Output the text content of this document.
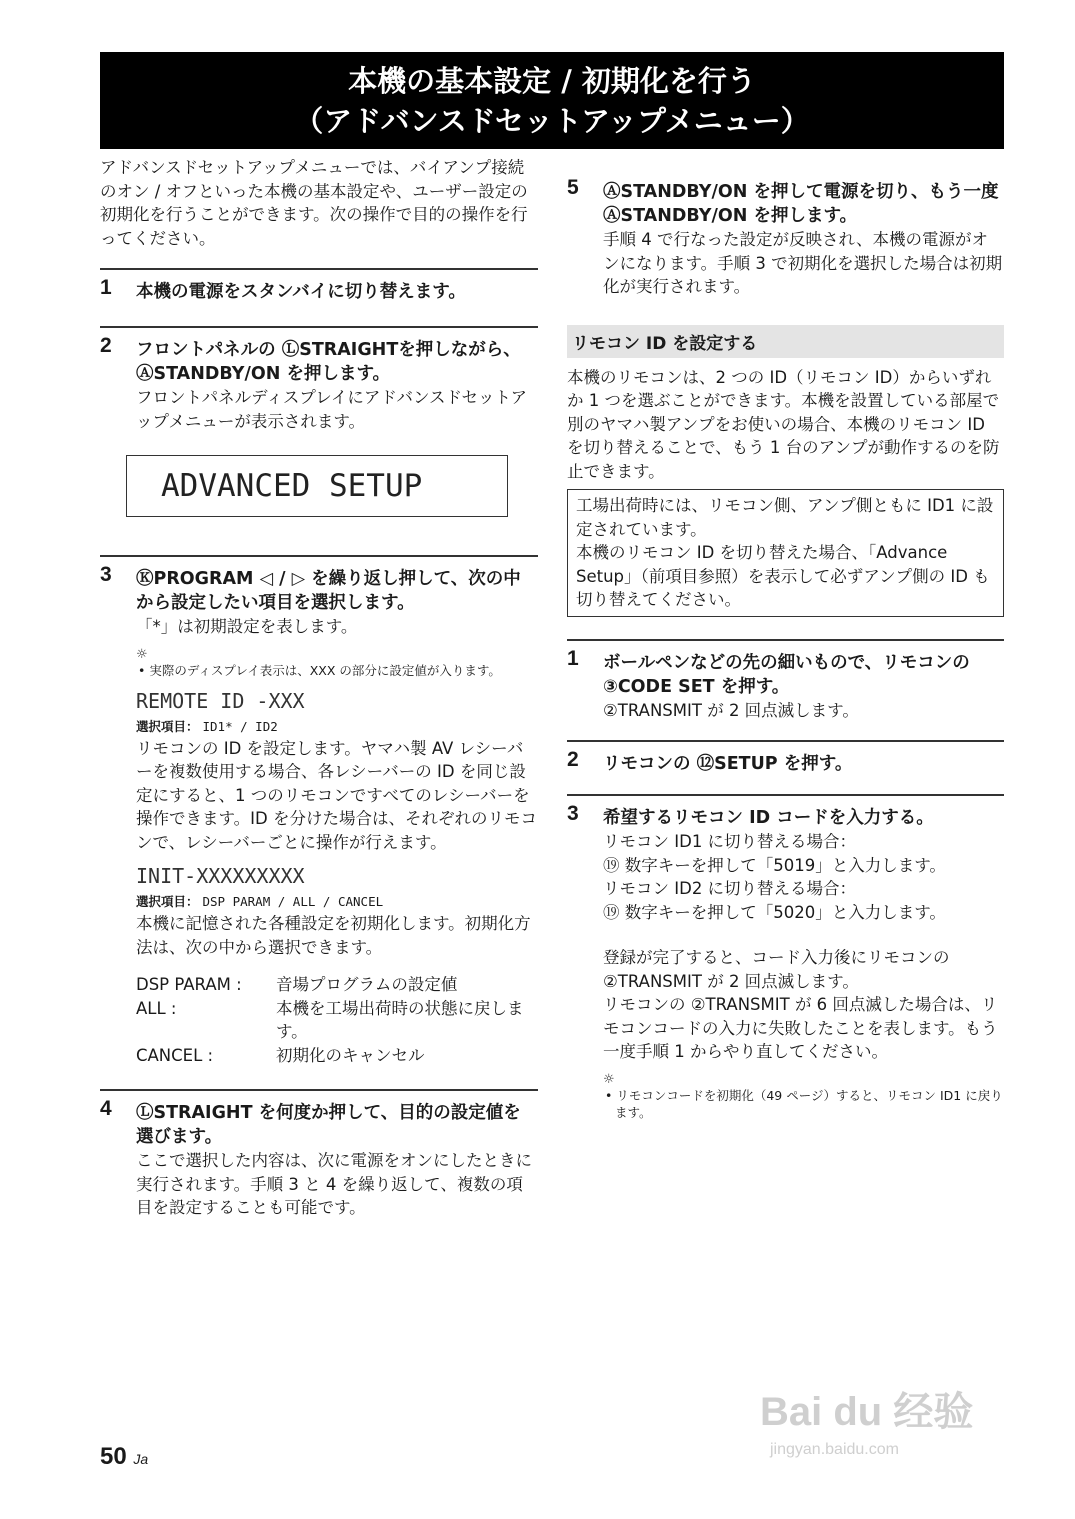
本機の基本設定 / 初期化を行う
（アドバンスドセットアップメニュー）

アドバンスドセットアップメニューでは、バイアンプ接続のオン / オフといった本機の基本設定や、ユーザー設定の初期化を行うことができます。次の操作で目的の操作を行ってください。

1 本機の電源をスタンバイに切り替えます。

2 フロントパネルの ⓁSTRAIGHTを押しながら、ⒶSTANDBY/ON を押します。

フロントパネルディスプレイにアドバンスドセットアップメニューが表示されます。

ADVANCED SETUP
3 ⓀPROGRAM ◁ / ▷ を繰り返し押して、次の中から設定したい項目を選択します。

「*」は初期設定を表します。

☼

• 実際のディスプレイ表示は、XXX の部分に設定値が入ります。

REMOTE ID -XXX
選択項目： ID1* / ID2

リモコンの ID を設定します。ヤマハ製 AV レシーバーを複数使用する場合、各レシーバーの ID を同じ設定にすると、1 つのリモコンですべてのレシーバーを操作できます。ID を分けた場合は、それぞれのリモコンで、レシーバーごとに操作が行えます。

INIT-XXXXXXXXX
選択項目： DSP PARAM / ALL / CANCEL

本機に記憶された各種設定を初期化します。初期化方法は、次の中から選択できます。

DSP PARAM :	音場プログラムの設定値
ALL :	本機を工場出荷時の状態に戻します。
CANCEL :	初期化のキャンセル
4 ⓁSTRAIGHT を何度か押して、目的の設定値を選びます。

ここで選択した内容は、次に電源をオンにしたときに実行されます。手順 3 と 4 を繰り返して、複数の項目を設定することも可能です。

5 ⒶSTANDBY/ON を押して電源を切り、もう一度 ⒶSTANDBY/ON を押します。

手順 4 で行なった設定が反映され、本機の電源がオンになります。手順 3 で初期化を選択した場合は初期化が実行されます。

リモコン ID を設定する

本機のリモコンは、2 つの ID（リモコン ID）からいずれか 1 つを選ぶことができます。本機を設置している部屋で別のヤマハ製アンプをお使いの場合、本機のリモコン ID を切り替えることで、もう 1 台のアンプが動作するのを防止できます。

工場出荷時には、リモコン側、アンプ側ともに ID1 に設定されています。

本機のリモコン ID を切り替えた場合、「Advance Setup」（前項目参照）を表示して必ずアンプ側の ID も切り替えてください。

1 ボールペンなどの先の細いもので、リモコンの ③CODE SET を押す。

②TRANSMIT が 2 回点滅します。

2 リモコンの ⑫SETUP を押す。

3 希望するリモコン ID コードを入力する。

リモコン ID1 に切り替える場合：

⑲ 数字キーを押して「5019」と入力します。

リモコン ID2 に切り替える場合：

⑲ 数字キーを押して「5020」と入力します。

登録が完了すると、コード入力後にリモコンの ②TRANSMIT が 2 回点滅します。

リモコンの ②TRANSMIT が 6 回点滅した場合は、リモコンコードの入力に失敗したことを表します。もう一度手順 1 からやり直してください。

☼

• リモコンコードを初期化（49 ページ）すると、リモコン ID1 に戻ります。

50 Ja
Bai du 经验
jingyan.baidu.com
